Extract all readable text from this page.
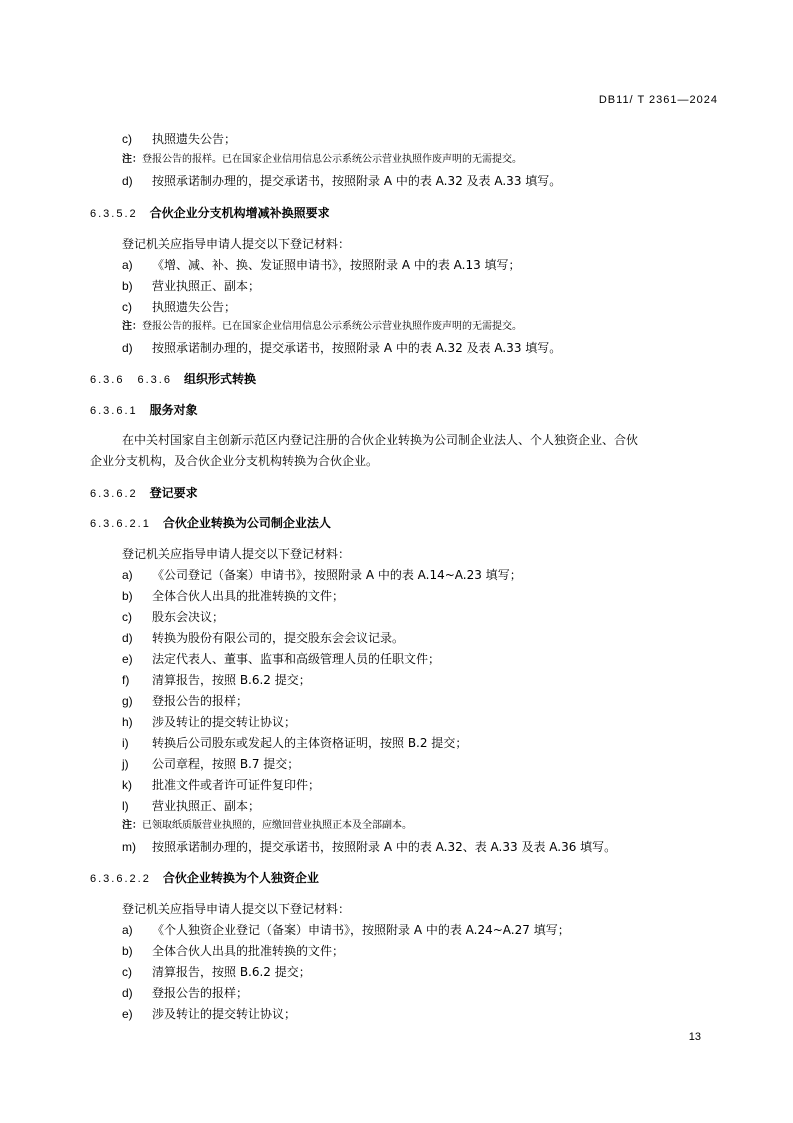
DB11/ T 2361—2024
c) 执照遗失公告；
注：登报公告的报样。已在国家企业信用信息公示系统公示营业执照作废声明的无需提交。
d) 按照承诺制办理的，提交承诺书，按照附录 A 中的表 A.32 及表 A.33 填写。
6.3.5.2 合伙企业分支机构增减补换照要求
登记机关应指导申请人提交以下登记材料：
a) 《增、减、补、换、发证照申请书》，按照附录 A 中的表 A.13 填写；
b) 营业执照正、副本；
c) 执照遗失公告；
注：登报公告的报样。已在国家企业信用信息公示系统公示营业执照作废声明的无需提交。
d) 按照承诺制办理的，提交承诺书，按照附录 A 中的表 A.32 及表 A.33 填写。
6.3.6　6.3.6 组织形式转换
6.3.6.1 服务对象
在中关村国家自主创新示范区内登记注册的合伙企业转换为公司制企业法人、个人独资企业、合伙
企业分支机构，及合伙企业分支机构转换为合伙企业。
6.3.6.2 登记要求
6.3.6.2.1 合伙企业转换为公司制企业法人
登记机关应指导申请人提交以下登记材料：
a) 《公司登记（备案）申请书》，按照附录 A 中的表 A.14~A.23 填写；
b) 全体合伙人出具的批准转换的文件；
c) 股东会决议；
d) 转换为股份有限公司的，提交股东会会议记录。
e) 法定代表人、董事、监事和高级管理人员的任职文件；
f) 清算报告，按照 B.6.2 提交；
g) 登报公告的报样；
h) 涉及转让的提交转让协议；
i) 转换后公司股东或发起人的主体资格证明，按照 B.2 提交；
j) 公司章程，按照 B.7 提交；
k) 批准文件或者许可证件复印件；
l) 营业执照正、副本；
注：已领取纸质版营业执照的，应缴回营业执照正本及全部副本。
m) 按照承诺制办理的，提交承诺书，按照附录 A 中的表 A.32、表 A.33 及表 A.36 填写。
6.3.6.2.2 合伙企业转换为个人独资企业
登记机关应指导申请人提交以下登记材料：
a) 《个人独资企业登记（备案）申请书》，按照附录 A 中的表 A.24~A.27 填写；
b) 全体合伙人出具的批准转换的文件；
c) 清算报告，按照 B.6.2 提交；
d) 登报公告的报样；
e) 涉及转让的提交转让协议；
13
